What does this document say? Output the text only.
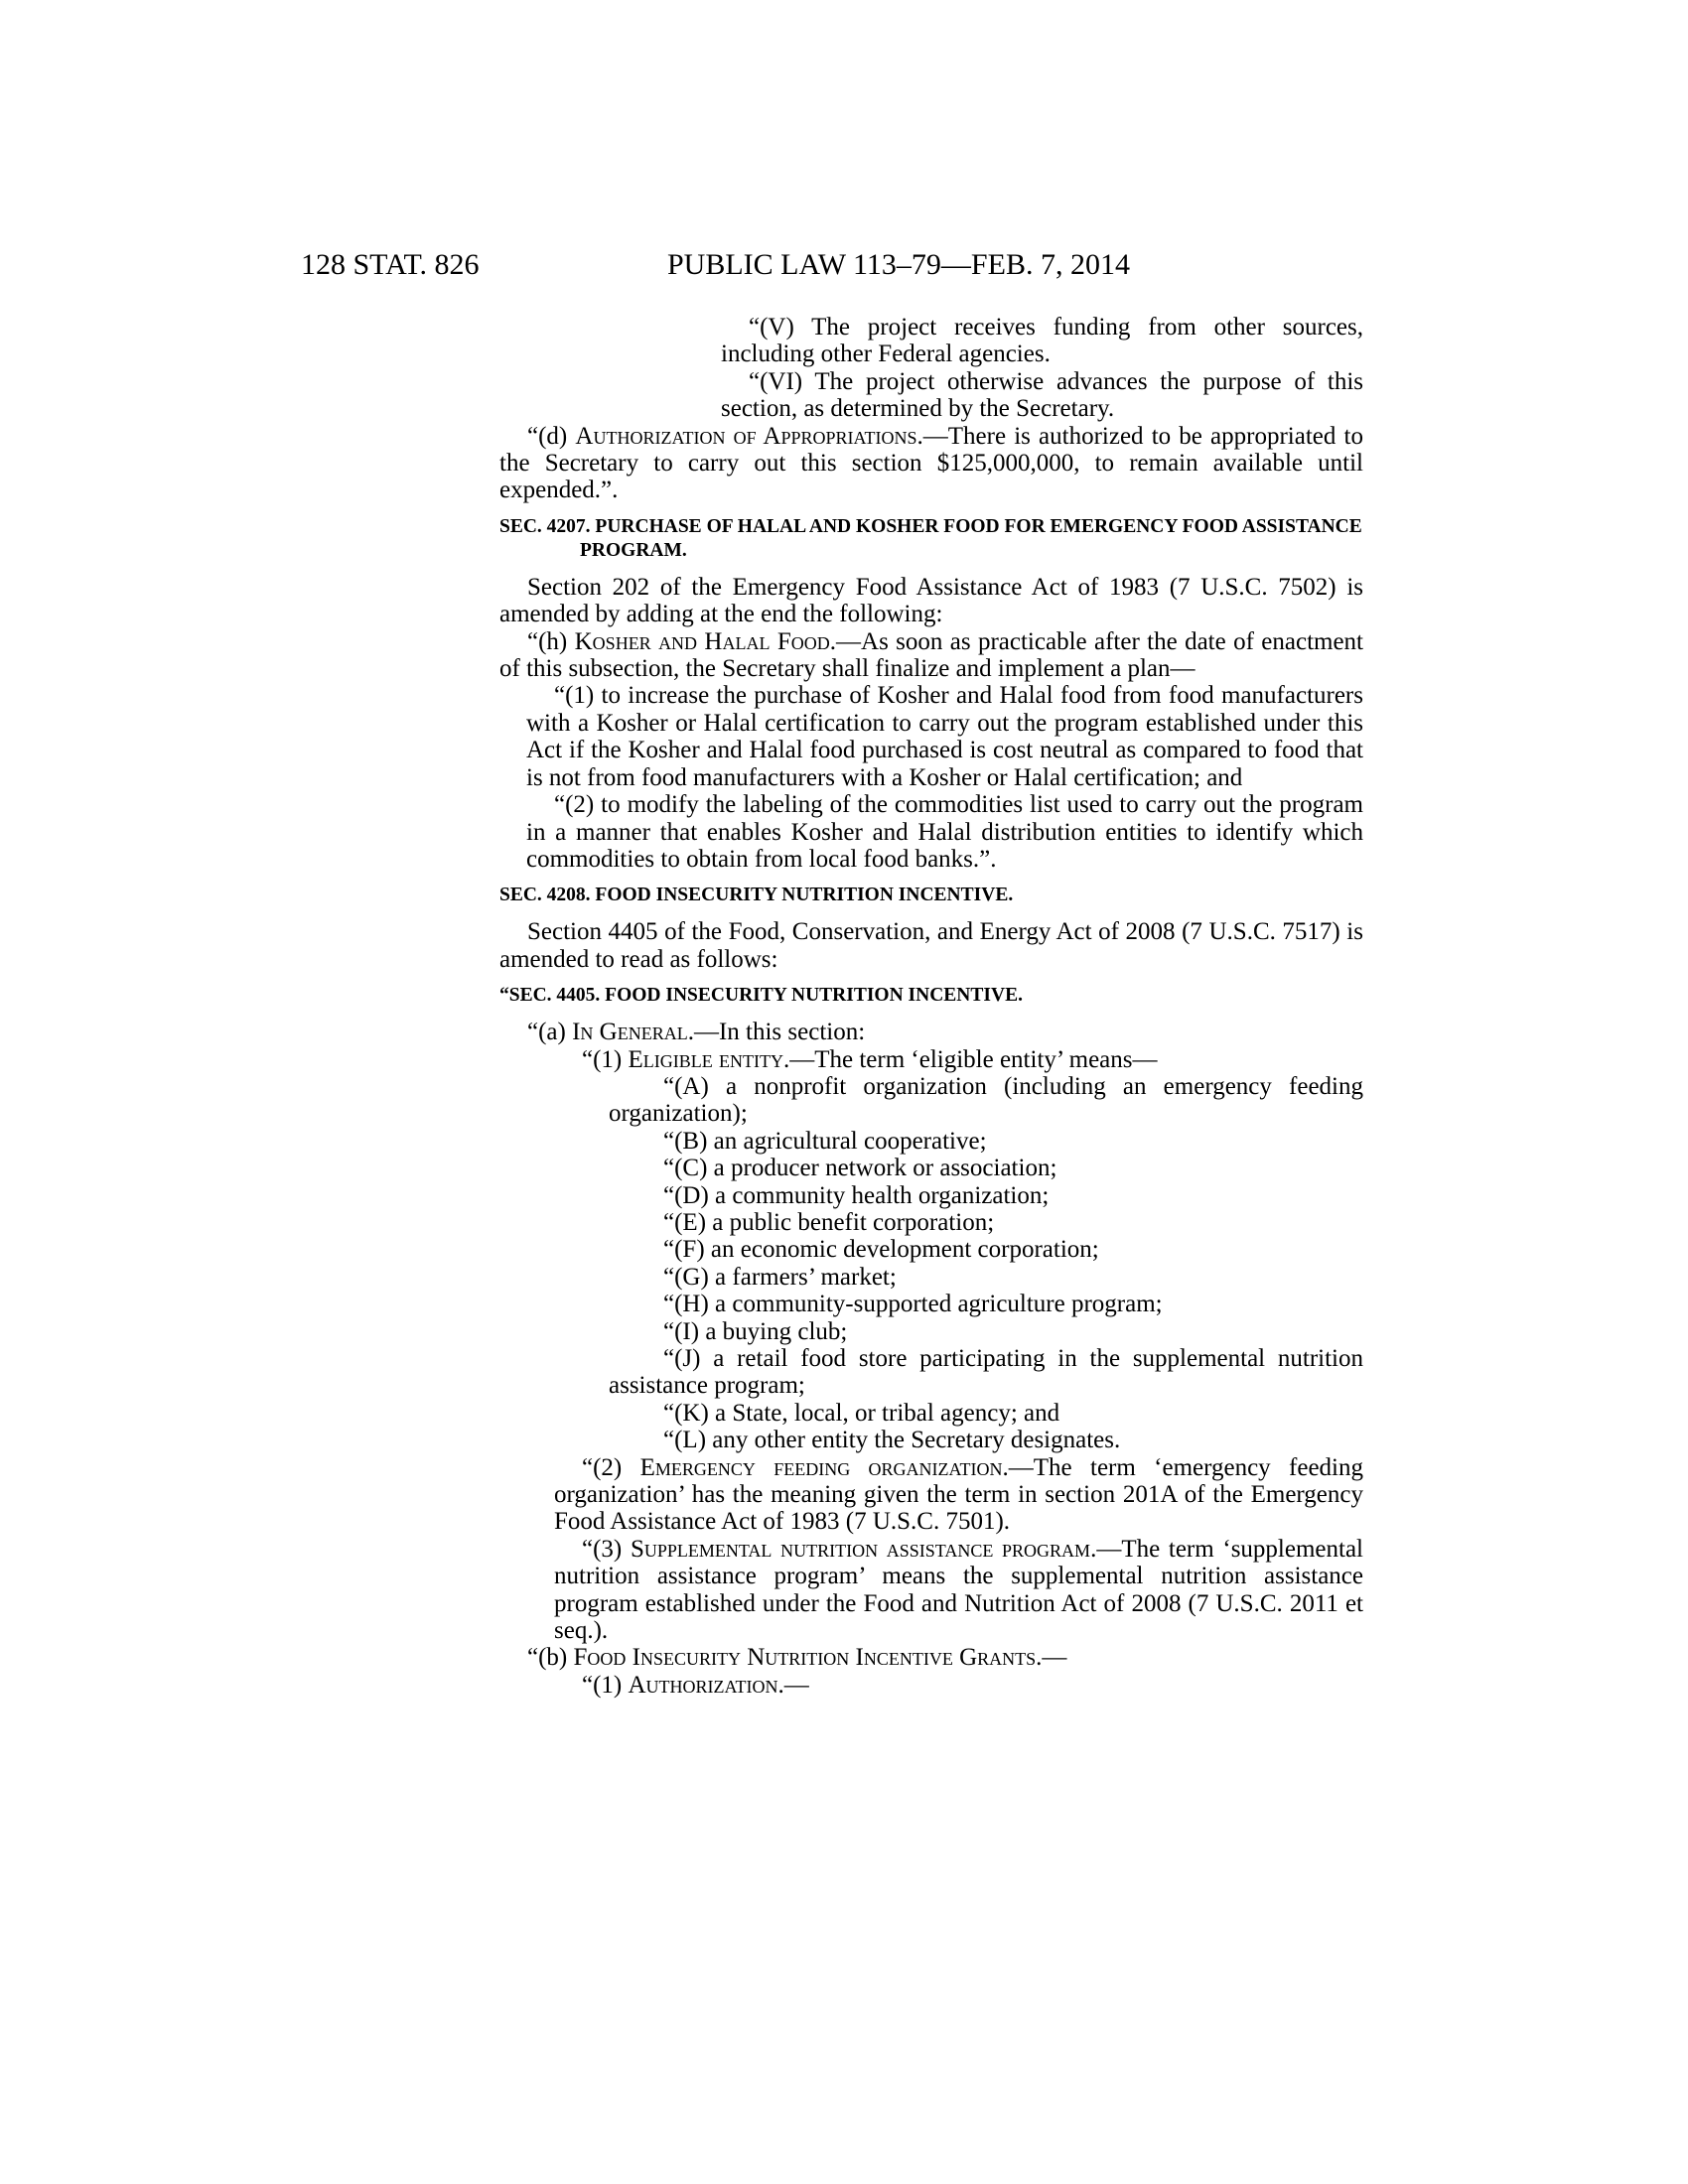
128 STAT. 826	PUBLIC LAW 113–79—FEB. 7, 2014

“(V) The project receives funding from other sources, including other Federal agencies.

“(VI) The project otherwise advances the purpose of this section, as determined by the Secretary.

“(d) Authorization of Appropriations.—There is authorized to be appropriated to the Secretary to carry out this section $125,000,000, to remain available until expended.”.

SEC. 4207. PURCHASE OF HALAL AND KOSHER FOOD FOR EMERGENCY FOOD ASSISTANCE PROGRAM.

Section 202 of the Emergency Food Assistance Act of 1983 (7 U.S.C. 7502) is amended by adding at the end the following:

“(h) Kosher and Halal Food.—As soon as practicable after the date of enactment of this subsection, the Secretary shall finalize and implement a plan—

“(1) to increase the purchase of Kosher and Halal food from food manufacturers with a Kosher or Halal certification to carry out the program established under this Act if the Kosher and Halal food purchased is cost neutral as compared to food that is not from food manufacturers with a Kosher or Halal certification; and

“(2) to modify the labeling of the commodities list used to carry out the program in a manner that enables Kosher and Halal distribution entities to identify which commodities to obtain from local food banks.”.

SEC. 4208. FOOD INSECURITY NUTRITION INCENTIVE.

Section 4405 of the Food, Conservation, and Energy Act of 2008 (7 U.S.C. 7517) is amended to read as follows:

“SEC. 4405. FOOD INSECURITY NUTRITION INCENTIVE.

“(a) In General.—In this section:

“(1) Eligible entity.—The term ‘eligible entity’ means—

“(A) a nonprofit organization (including an emergency feeding organization);

“(B) an agricultural cooperative;

“(C) a producer network or association;

“(D) a community health organization;

“(E) a public benefit corporation;

“(F) an economic development corporation;

“(G) a farmers’ market;

“(H) a community-supported agriculture program;

“(I) a buying club;

“(J) a retail food store participating in the supplemental nutrition assistance program;

“(K) a State, local, or tribal agency; and

“(L) any other entity the Secretary designates.

“(2) Emergency feeding organization.—The term ‘emergency feeding organization’ has the meaning given the term in section 201A of the Emergency Food Assistance Act of 1983 (7 U.S.C. 7501).

“(3) Supplemental nutrition assistance program.—The term ‘supplemental nutrition assistance program’ means the supplemental nutrition assistance program established under the Food and Nutrition Act of 2008 (7 U.S.C. 2011 et seq.).

“(b) Food Insecurity Nutrition Incentive Grants.—

“(1) Authorization.—
